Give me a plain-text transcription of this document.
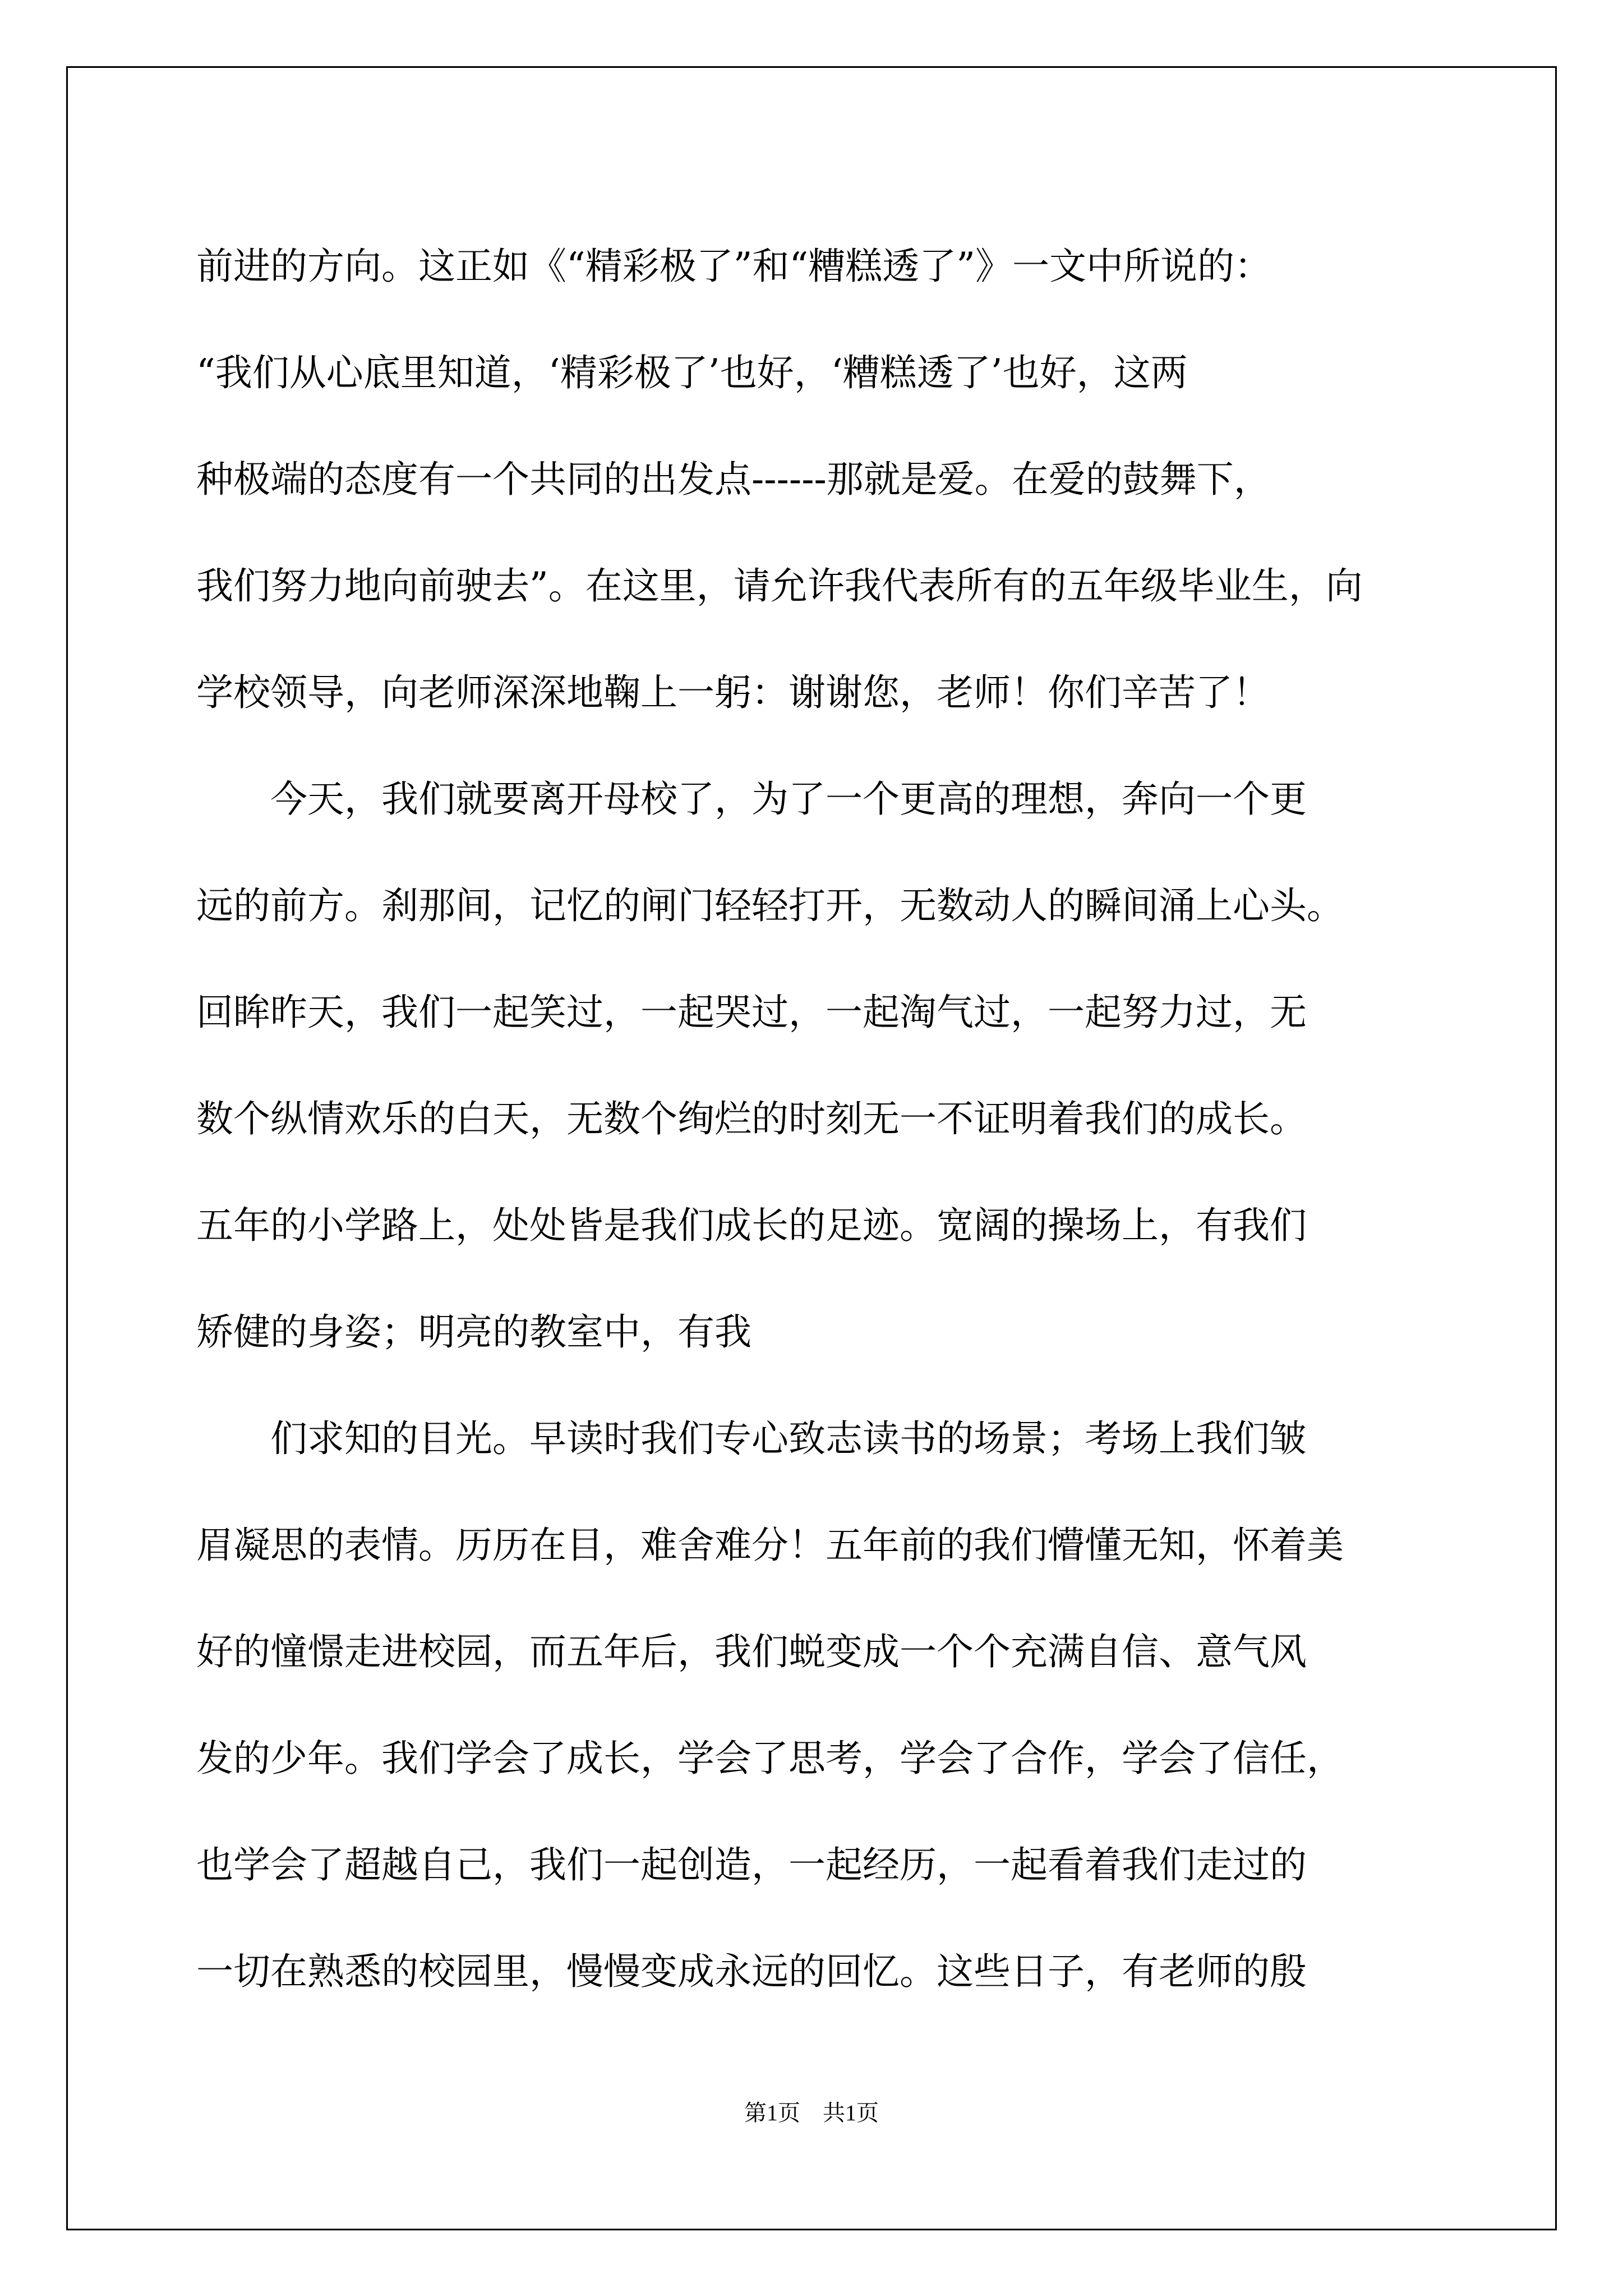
前进的方向。这正如《“精彩极了”和“糟糕透了”》一文中所说的：
“我们从心底里知道，‘精彩极了’也好，‘糟糕透了’也好，这两
种极端的态度有一个共同的出发点------那就是爱。在爱的鼓舞下，
我们努力地向前驶去”。在这里，请允许我代表所有的五年级毕业生，向
学校领导，向老师深深地鞠上一躬：谢谢您，老师！你们辛苦了！
　　今天，我们就要离开母校了，为了一个更高的理想，奔向一个更
远的前方。刹那间，记忆的闸门轻轻打开，无数动人的瞬间涌上心头。
回眸昨天，我们一起笑过，一起哭过，一起淘气过，一起努力过，无
数个纵情欢乐的白天，无数个绚烂的时刻无一不证明着我们的成长。
五年的小学路上，处处皆是我们成长的足迹。宽阔的操场上，有我们
矫健的身姿；明亮的教室中，有我
　　们求知的目光。早读时我们专心致志读书的场景；考场上我们皱
眉凝思的表情。历历在目，难舍难分！五年前的我们懵懂无知，怀着美
好的憧憬走进校园，而五年后，我们蜕变成一个个充满自信、意气风
发的少年。我们学会了成长，学会了思考，学会了合作，学会了信任，
也学会了超越自己，我们一起创造，一起经历，一起看着我们走过的
一切在熟悉的校园里，慢慢变成永远的回忆。这些日子，有老师的殷
第1页 共1页
